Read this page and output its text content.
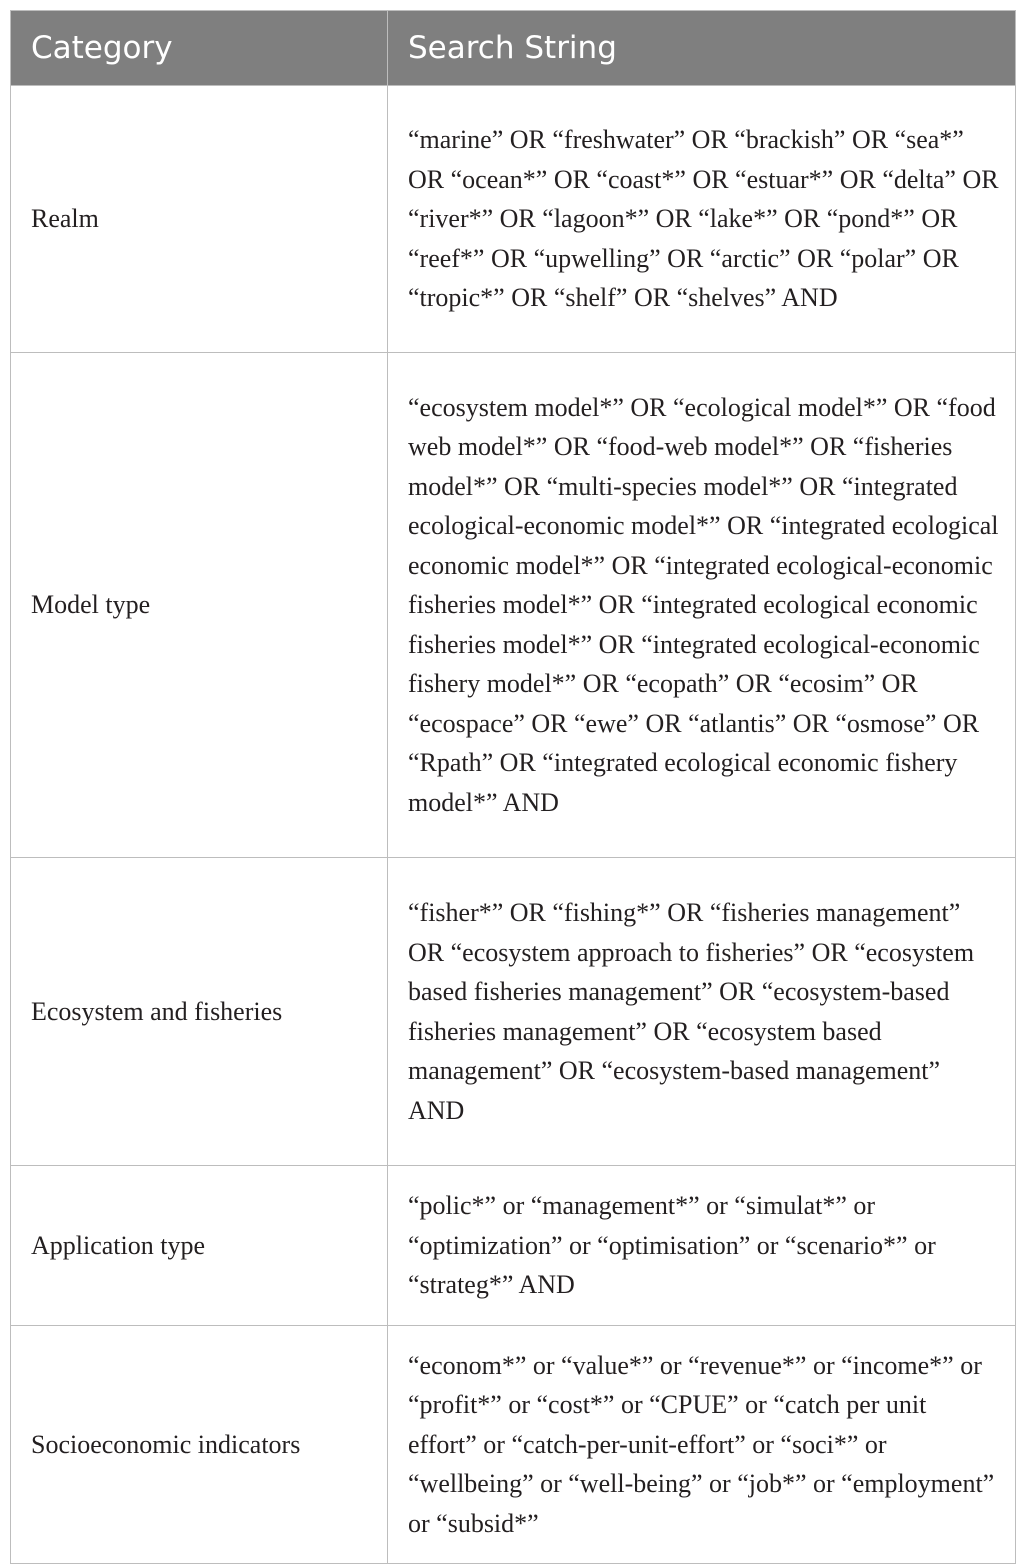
Category	Search String
Realm	“marine” OR “freshwater” OR “brackish” OR “sea*” OR “ocean*” OR “coast*” OR “estuar*” OR “delta” OR “river*” OR “lagoon*” OR “lake*” OR “pond*” OR “reef*” OR “upwelling” OR “arctic” OR “polar” OR “tropic*” OR “shelf” OR “shelves” AND
Model type	“ecosystem model*” OR “ecological model*” OR “food web model*” OR “food-web model*” OR “fisheries model*” OR “multi-species model*” OR “integrated ecological-economic model*” OR “integrated ecological economic model*” OR “integrated ecological-economic fisheries model*” OR “integrated ecological economic fisheries model*” OR “integrated ecological-economic fishery model*” OR “ecopath” OR “ecosim” OR “ecospace” OR “ewe” OR “atlantis” OR “osmose” OR “Rpath” OR “integrated ecological economic fishery model*” AND
Ecosystem and fisheries	“fisher*” OR “fishing*” OR “fisheries management” OR “ecosystem approach to fisheries” OR “ecosystem based fisheries management” OR “ecosystem-based fisheries management” OR “ecosystem based management” OR “ecosystem-based management” AND
Application type	“polic*” or “management*” or “simulat*” or “optimization” or “optimisation” or “scenario*” or “strateg*” AND
Socioeconomic indicators	“econom*” or “value*” or “revenue*” or “income*” or “profit*” or “cost*” or “CPUE” or “catch per unit effort” or “catch-per-unit-effort” or “soci*” or “wellbeing” or “well-being” or “job*” or “employment” or “subsid*”
